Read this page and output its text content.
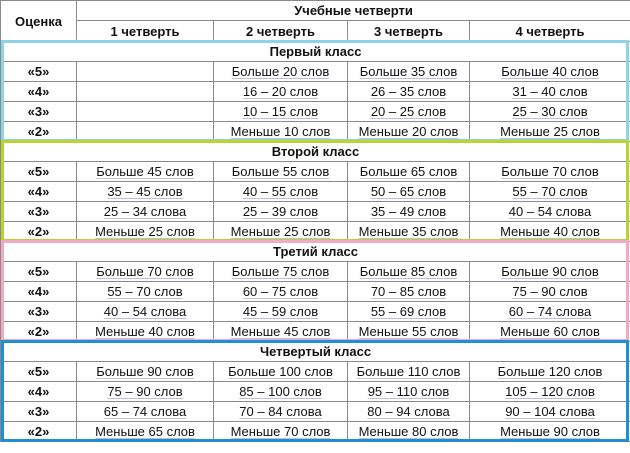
Оценка	Учебные четверти			
	1 четверть	2 четверть	3 четверть	4 четверть
Первый класс				
«5»		Больше 20 слов	Больше 35 слов	Больше 40 слов
«4»		16 – 20 слов	26 – 35 слов	31 – 40 слов
«3»		10 – 15 слов	20 – 25 слов	25 – 30 слов
«2»		Меньше 10 слов	Меньше 20 слов	Меньше 25 слов
Второй класс				
«5»	Больше 45 слов	Больше 55 слов	Больше 65 слов	Больше 70 слов
«4»	35 – 45 слов	40 – 55 слов	50 – 65 слов	55 – 70 слов
«3»	25 – 34 слова	25 – 39 слов	35 – 49 слов	40 – 54 слова
«2»	Меньше 25 слов	Меньше 25 слов	Меньше 35 слов	Меньше 40 слов
Третий класс				
«5»	Больше 70 слов	Больше 75 слов	Больше 85 слов	Больше 90 слов
«4»	55 – 70 слов	60 – 75 слов	70 – 85 слов	75 – 90 слов
«3»	40 – 54 слова	45 – 59 слов	55 – 69 слов	60 – 74 слова
«2»	Меньше 40 слов	Меньше 45 слов	Меньше 55 слов	Меньше 60 слов
Четвертый класс				
«5»	Больше 90 слов	Больше 100 слов	Больше 110 слов	Больше 120 слов
«4»	75 – 90 слов	85 – 100 слов	95 – 110 слов	105 – 120 слов
«3»	65 – 74 слова	70 – 84 слова	80 – 94 слова	90 – 104 слова
«2»	Меньше 65 слов	Меньше 70 слов	Меньше 80 слов	Меньше 90 слов
